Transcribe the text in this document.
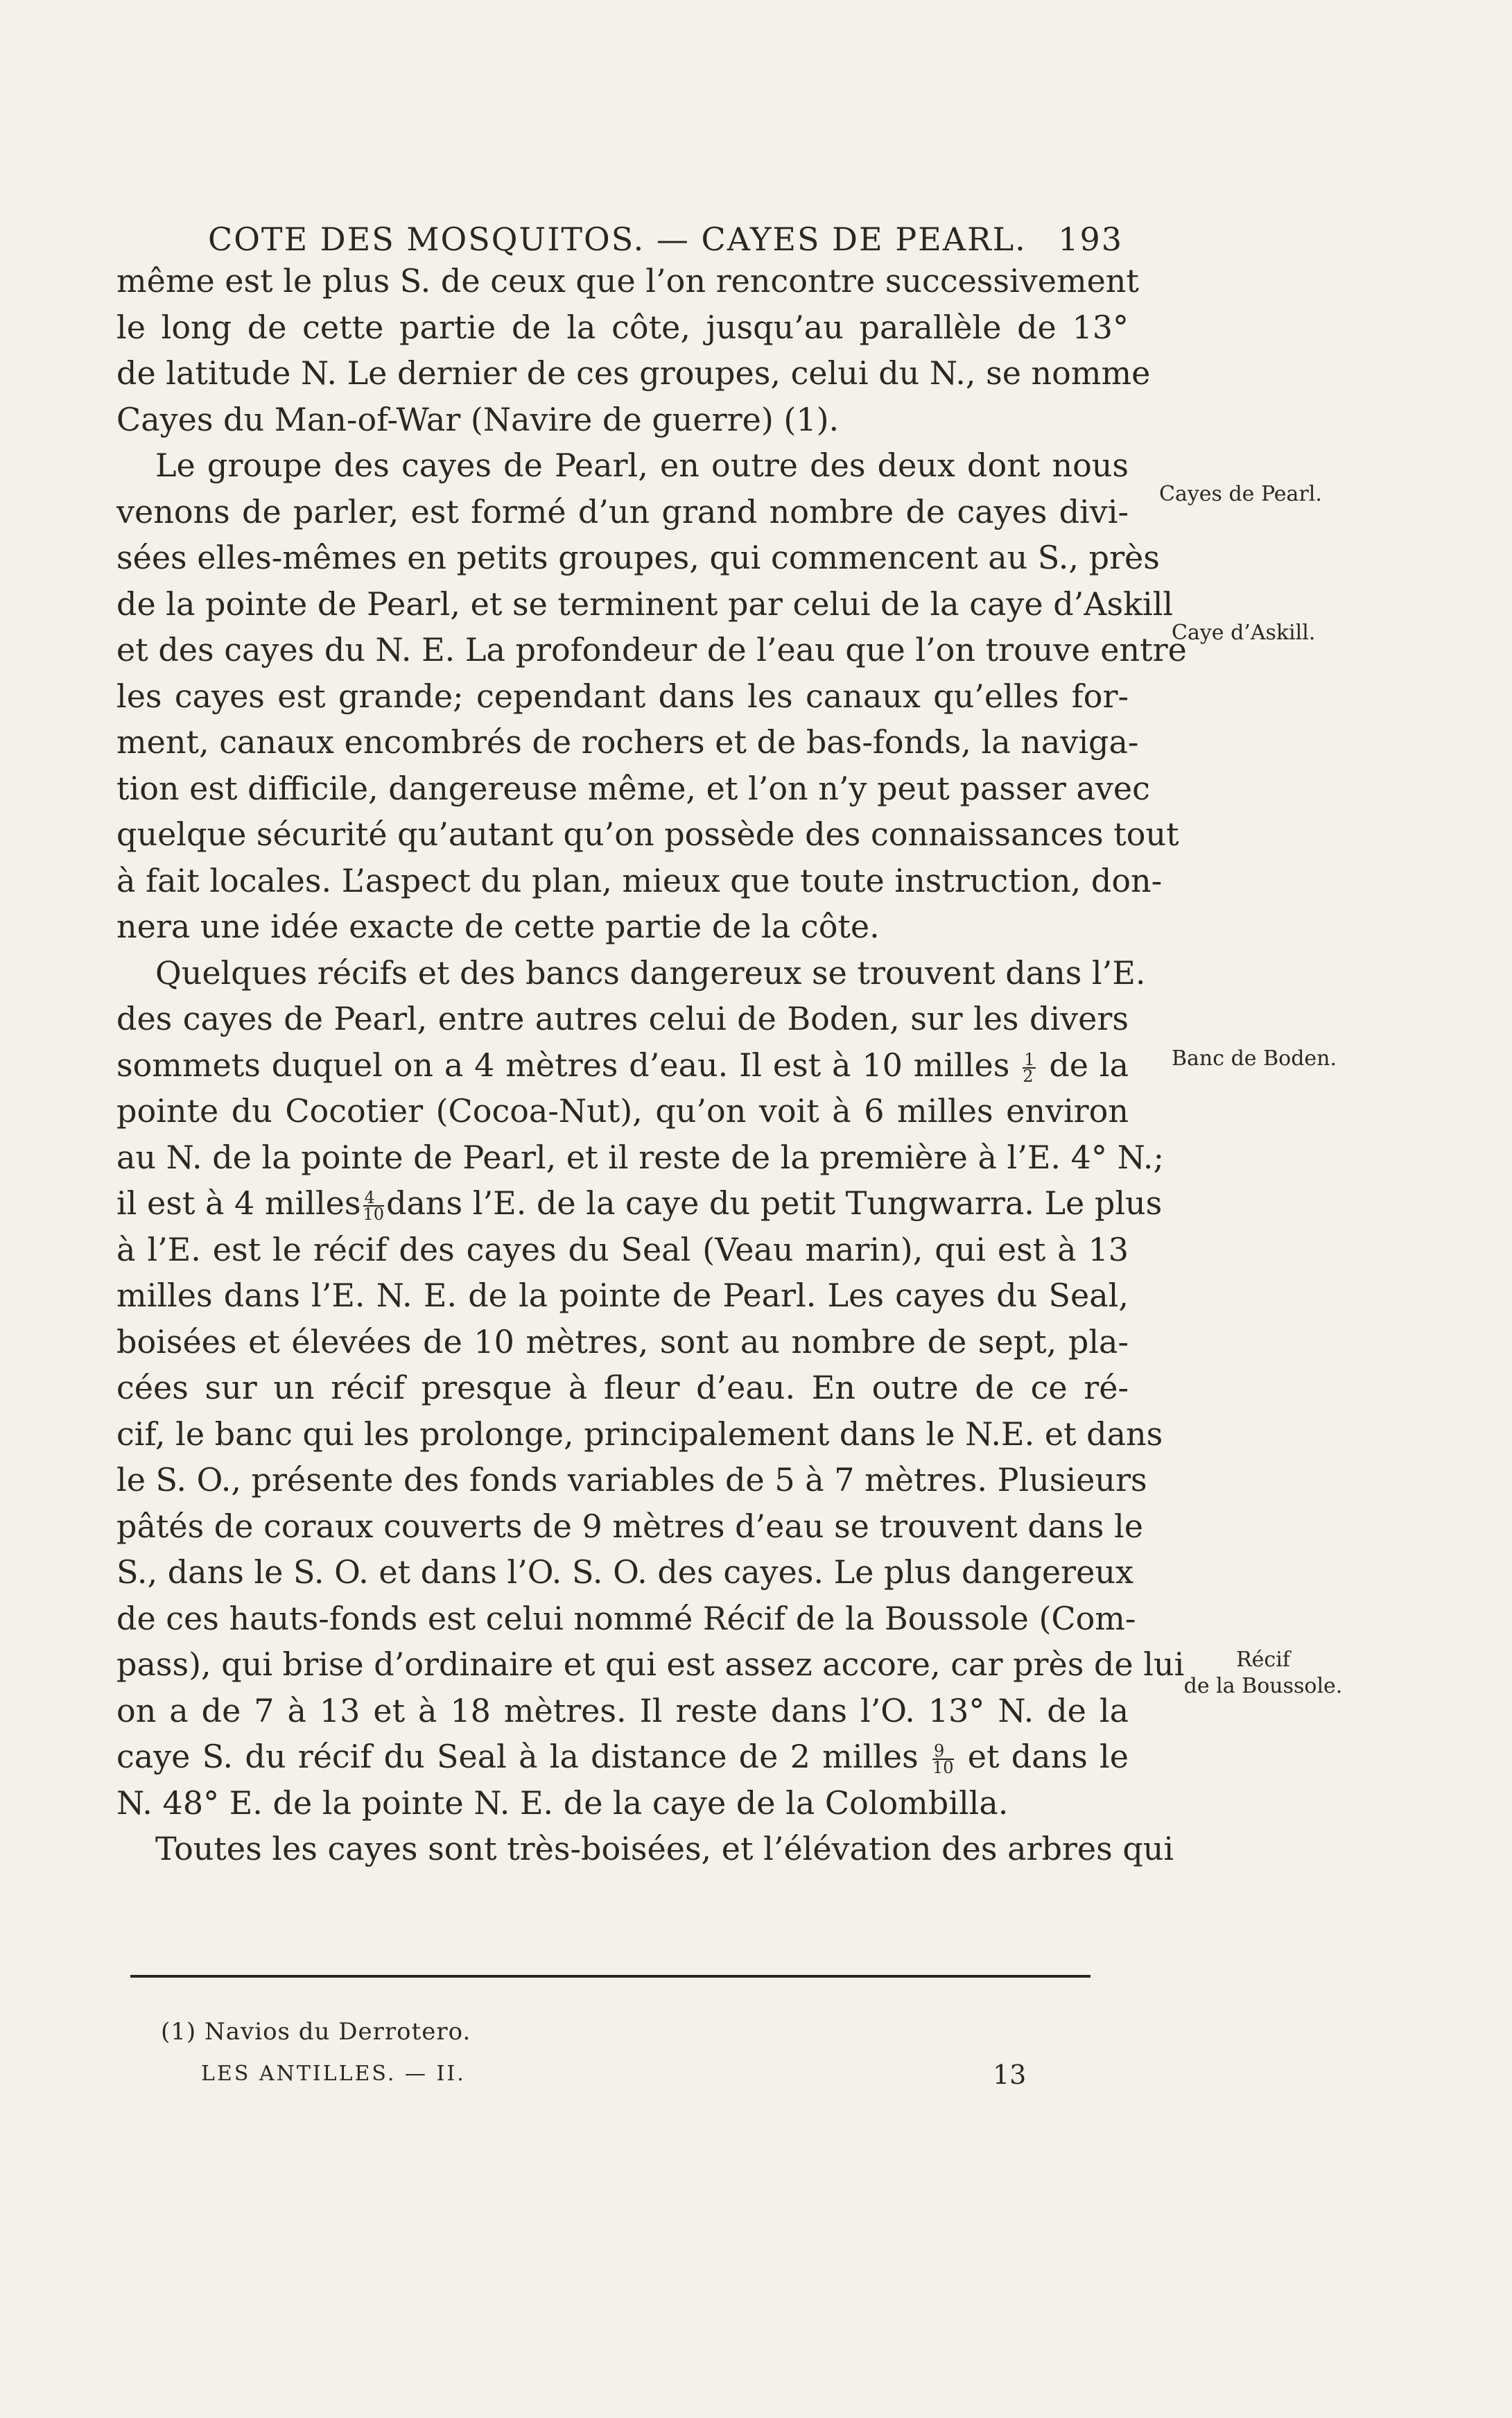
COTE DES MOSQUITOS. — CAYES DE PEARL. 193
même est le plus S. de ceux que l’on rencontre successivement
le long de cette partie de la côte, jusqu’au parallèle de 13°
de latitude N. Le dernier de ces groupes, celui du N., se nomme
Cayes du Man-of-War (Navire de guerre) (1).
Le groupe des cayes de Pearl, en outre des deux dont nous
venons de parler, est formé d’un grand nombre de cayes divi-
sées elles-mêmes en petits groupes, qui commencent au S., près
de la pointe de Pearl, et se terminent par celui de la caye d’Askill
et des cayes du N. E. La profondeur de l’eau que l’on trouve entre
les cayes est grande; cependant dans les canaux qu’elles for-
ment, canaux encombrés de rochers et de bas-fonds, la naviga-
tion est difficile, dangereuse même, et l’on n’y peut passer avec
quelque sécurité qu’autant qu’on possède des connaissances tout
à fait locales. L’aspect du plan, mieux que toute instruction, don-
nera une idée exacte de cette partie de la côte.
Quelques récifs et des bancs dangereux se trouvent dans l’E.
des cayes de Pearl, entre autres celui de Boden, sur les divers
sommets duquel on a 4 mètres d’eau. Il est à 10 milles $\frac{1}{2}$ de la
pointe du Cocotier (Cocoa-Nut), qu’on voit à 6 milles environ
au N. de la pointe de Pearl, et il reste de la première à l’E. 4° N.;
il est à 4 milles $\frac{4}{10}$ dans l’E. de la caye du petit Tungwarra. Le plus
à l’E. est le récif des cayes du Seal (Veau marin), qui est à 13
milles dans l’E. N. E. de la pointe de Pearl. Les cayes du Seal,
boisées et élevées de 10 mètres, sont au nombre de sept, pla-
cées sur un récif presque à fleur d’eau. En outre de ce ré-
cif, le banc qui les prolonge, principalement dans le N.E. et dans
le S. O., présente des fonds variables de 5 à 7 mètres. Plusieurs
pâtés de coraux couverts de 9 mètres d’eau se trouvent dans le
S., dans le S. O. et dans l’O. S. O. des cayes. Le plus dangereux
de ces hauts-fonds est celui nommé Récif de la Boussole (Com-
pass), qui brise d’ordinaire et qui est assez accore, car près de lui
on a de 7 à 13 et à 18 mètres. Il reste dans l’O. 13° N. de la
caye S. du récif du Seal à la distance de 2 milles $\frac{9}{10}$ et dans le
N. 48° E. de la pointe N. E. de la caye de la Colombilla.
Toutes les cayes sont très-boisées, et l’élévation des arbres qui
Cayes de Pearl.
Caye d’Askill.
Banc de Boden.
Récif
de la Boussole.
(1) Navios du Derrotero.
LES ANTILLES. — II.	13
